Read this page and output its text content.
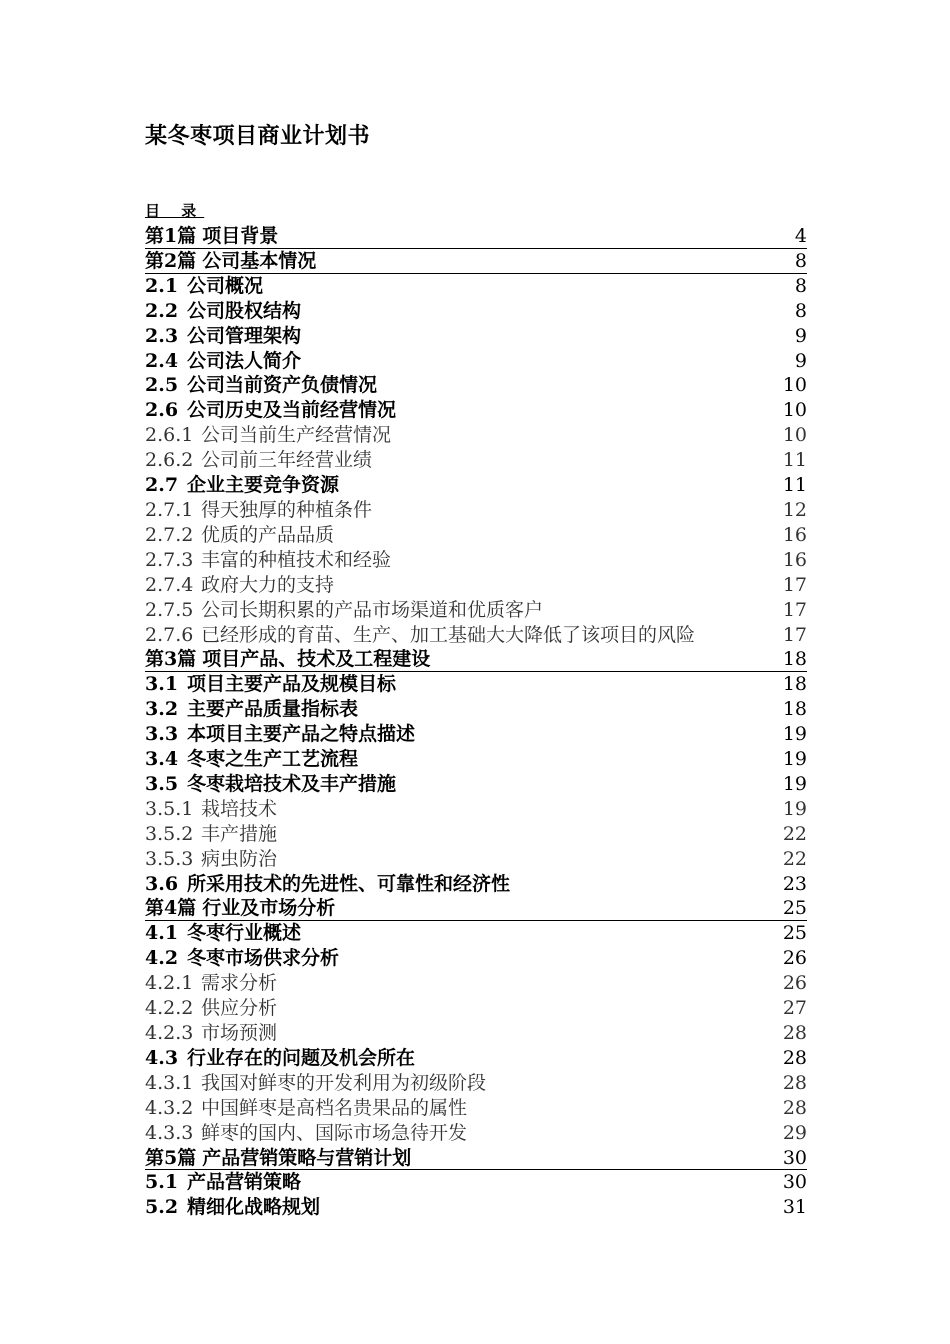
某冬枣项目商业计划书
目 录
第1篇 项目背景	4
第2篇 公司基本情况	8
2.1 公司概况	8
2.2 公司股权结构	8
2.3 公司管理架构	9
2.4 公司法人简介	9
2.5 公司当前资产负债情况	10
2.6 公司历史及当前经营情况	10
2.6.1 公司当前生产经营情况	10
2.6.2 公司前三年经营业绩	11
2.7 企业主要竞争资源	11
2.7.1 得天独厚的种植条件	12
2.7.2 优质的产品品质	16
2.7.3 丰富的种植技术和经验	16
2.7.4 政府大力的支持	17
2.7.5 公司长期积累的产品市场渠道和优质客户	17
2.7.6 已经形成的育苗、生产、加工基础大大降低了该项目的风险	17
第3篇 项目产品、技术及工程建设	18
3.1 项目主要产品及规模目标	18
3.2 主要产品质量指标表	18
3.3 本项目主要产品之特点描述	19
3.4 冬枣之生产工艺流程	19
3.5 冬枣栽培技术及丰产措施	19
3.5.1 栽培技术	19
3.5.2 丰产措施	22
3.5.3 病虫防治	22
3.6 所采用技术的先进性、可靠性和经济性	23
第4篇 行业及市场分析	25
4.1 冬枣行业概述	25
4.2 冬枣市场供求分析	26
4.2.1 需求分析	26
4.2.2 供应分析	27
4.2.3 市场预测	28
4.3 行业存在的问题及机会所在	28
4.3.1 我国对鲜枣的开发利用为初级阶段	28
4.3.2 中国鲜枣是高档名贵果品的属性	28
4.3.3 鲜枣的国内、国际市场急待开发	29
第5篇 产品营销策略与营销计划	30
5.1 产品营销策略	30
5.2 精细化战略规划	31
